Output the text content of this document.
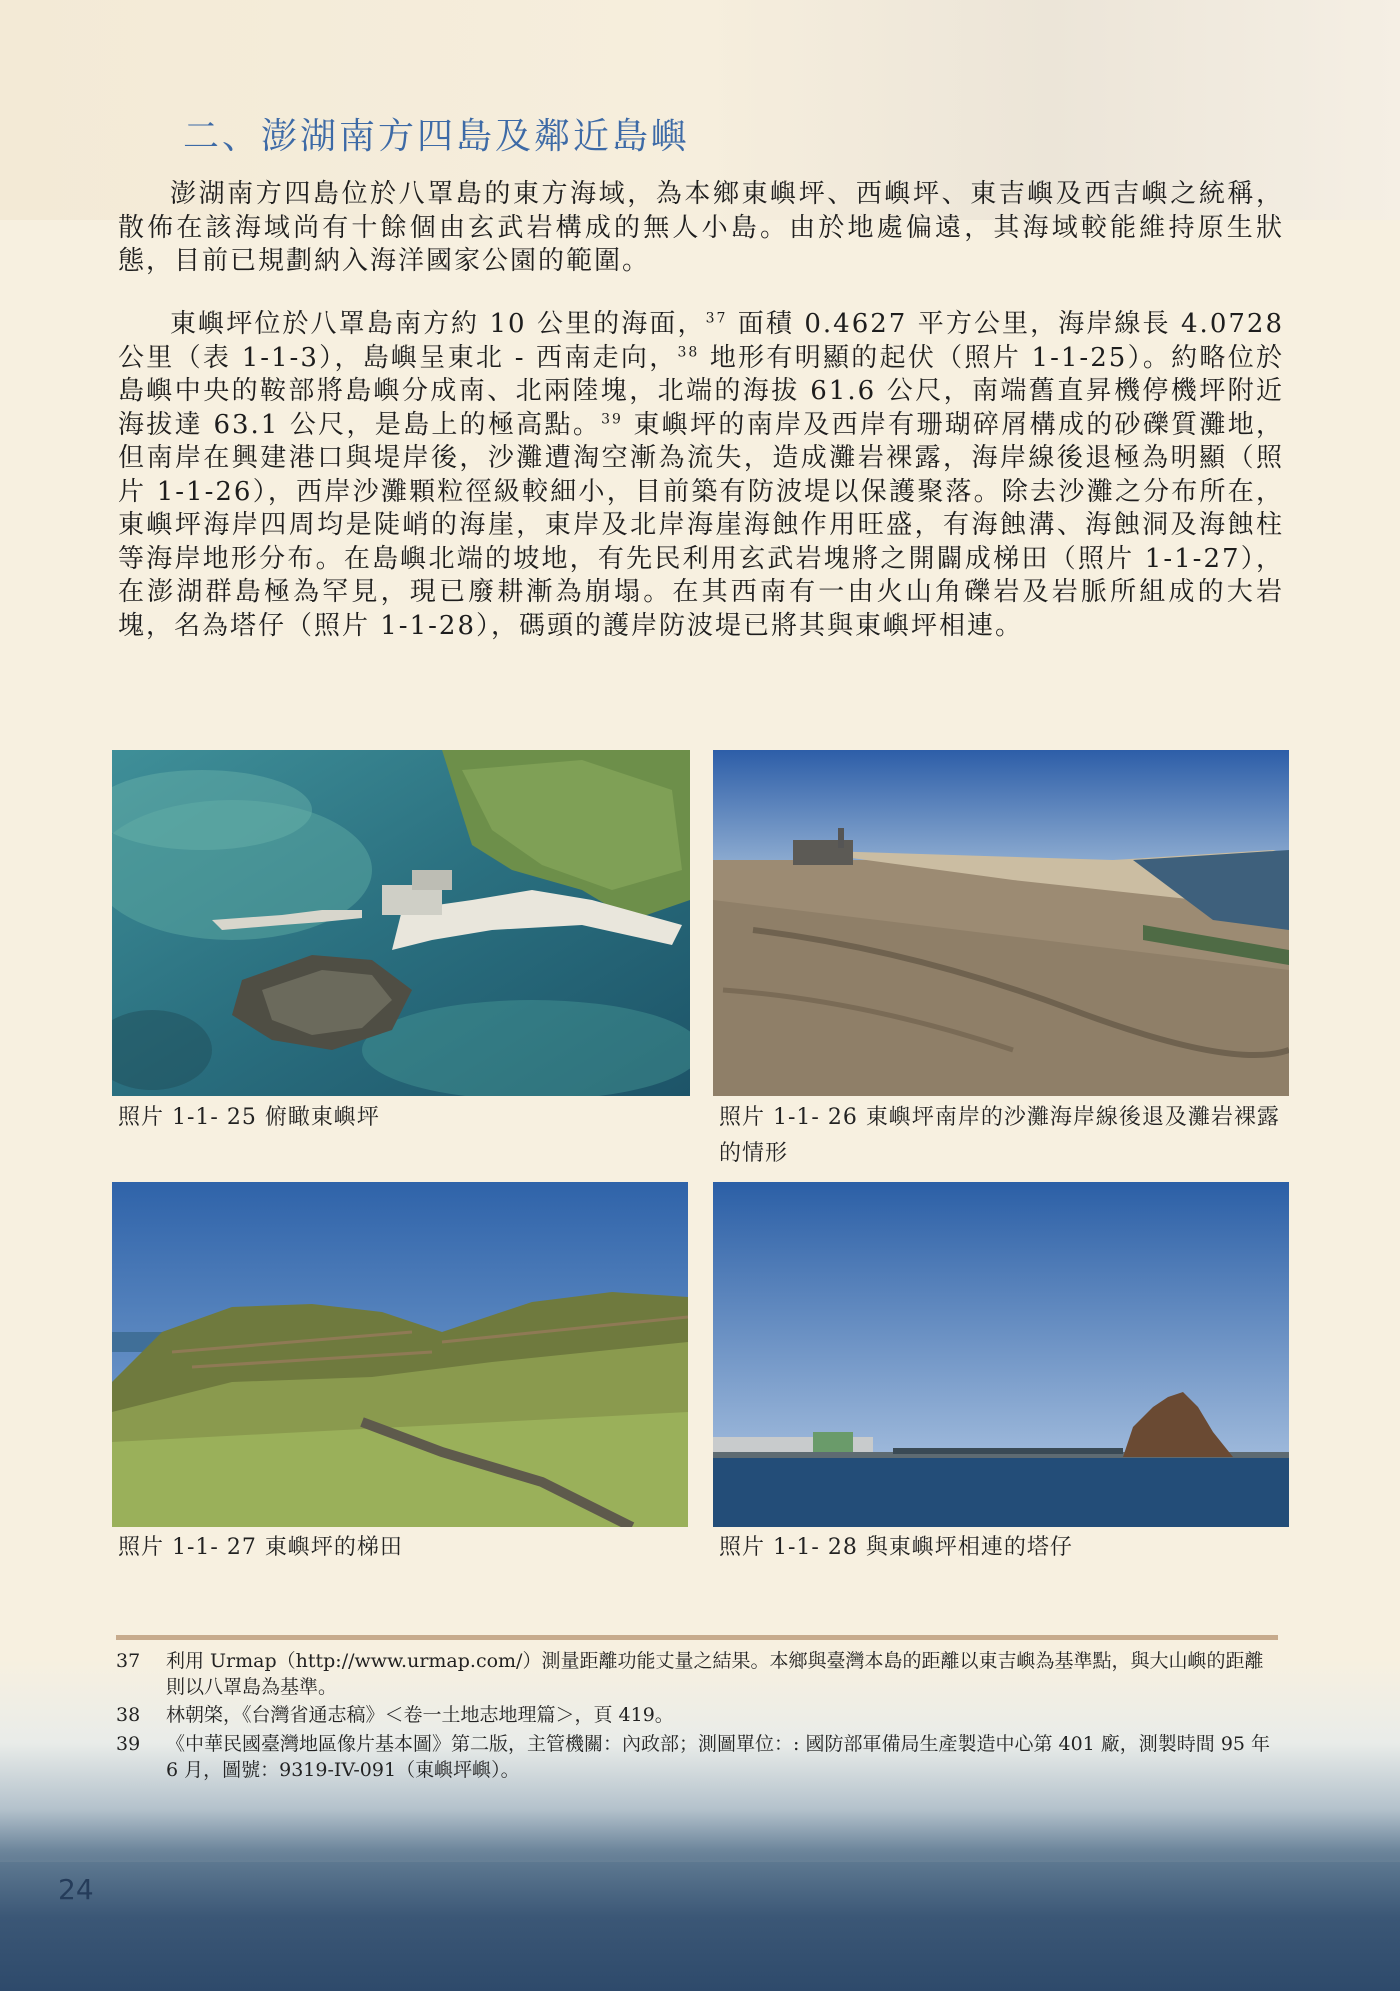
二、澎湖南方四島及鄰近島嶼

澎湖南方四島位於八罩島的東方海域，為本鄉東嶼坪、西嶼坪、東吉嶼及西吉嶼之統稱，散佈在該海域尚有十餘個由玄武岩構成的無人小島。由於地處偏遠，其海域較能維持原生狀態，目前已規劃納入海洋國家公園的範圍。

東嶼坪位於八罩島南方約 10 公里的海面，$^{37}$ 面積 0.4627 平方公里，海岸線長 4.0728 公里（表 1-1-3），島嶼呈東北 - 西南走向，$^{38}$ 地形有明顯的起伏（照片 1-1-25）。約略位於島嶼中央的鞍部將島嶼分成南、北兩陸塊，北端的海拔 61.6 公尺，南端舊直昇機停機坪附近海拔達 63.1 公尺，是島上的極高點。$^{39}$ 東嶼坪的南岸及西岸有珊瑚碎屑構成的砂礫質灘地，但南岸在興建港口與堤岸後，沙灘遭淘空漸為流失，造成灘岩裸露，海岸線後退極為明顯（照片 1-1-26），西岸沙灘顆粒徑級較細小，目前築有防波堤以保護聚落。除去沙灘之分布所在，東嶼坪海岸四周均是陡峭的海崖，東岸及北岸海崖海蝕作用旺盛，有海蝕溝、海蝕洞及海蝕柱等海岸地形分布。在島嶼北端的坡地，有先民利用玄武岩塊將之開闢成梯田（照片 1-1-27），在澎湖群島極為罕見，現已廢耕漸為崩塌。在其西南有一由火山角礫岩及岩脈所組成的大岩塊，名為塔仔（照片 1-1-28），碼頭的護岸防波堤已將其與東嶼坪相連。

照片 1-1- 25 俯瞰東嶼坪	照片 1-1- 26 東嶼坪南岸的沙灘海岸線後退及灘岩裸露的情形

照片 1-1- 27 東嶼坪的梯田	照片 1-1- 28 與東嶼坪相連的塔仔

37	利用 Urmap（http://www.urmap.com/）測量距離功能丈量之結果。本鄉與臺灣本島的距離以東吉嶼為基準點，與大山嶼的距離則以八罩島為基準。
38	林朝棨，《台灣省通志稿》＜卷一土地志地理篇＞，頁 419。
39	《中華民國臺灣地區像片基本圖》第二版，主管機關：內政部；測圖單位：: 國防部軍備局生產製造中心第 401 廠，測製時間 95 年 6 月，圖號：9319-IV-091（東嶼坪嶼）。

24
